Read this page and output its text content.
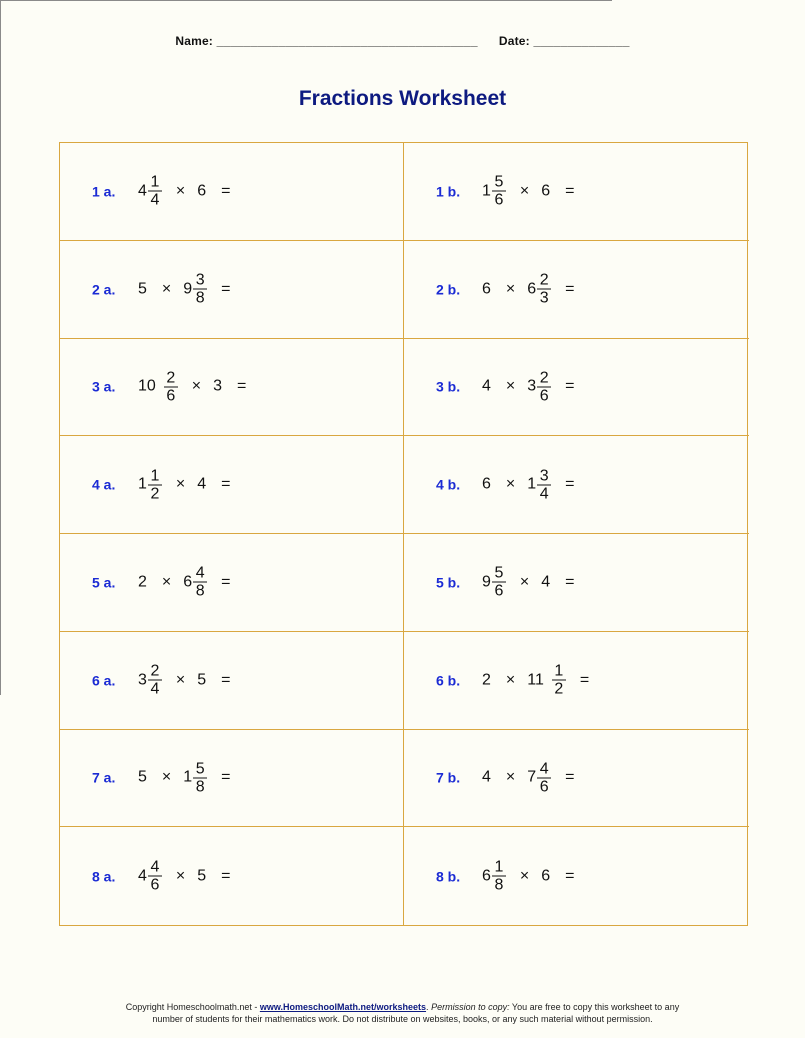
Name: ______________________________________ Date: ______________
Fractions Worksheet
1 a.	$4 \frac{1}{4} \times 6$ =	1 b.	$1 \frac{5}{6} \times 6$ =
2 a.	$5 \times 9 \frac{3}{8}$ =	2 b.	$6 \times 6 \frac{2}{3}$ =
3 a.	$10 \frac{2}{6} \times 3$ =	3 b.	$4 \times 3 \frac{2}{6}$ =
4 a.	$1 \frac{1}{2} \times 4$ =	4 b.	$6 \times 1 \frac{3}{4}$ =
5 a.	$2 \times 6 \frac{4}{8}$ =	5 b.	$9 \frac{5}{6} \times 4$ =
6 a.	$3 \frac{2}{4} \times 5$ =	6 b.	$2 \times 11 \frac{1}{2}$ =
7 a.	$5 \times 1 \frac{5}{8}$ =	7 b.	$4 \times 7 \frac{4}{6}$ =
8 a.	$4 \frac{4}{6} \times 5$ =	8 b.	$6 \frac{1}{8} \times 6$ =
Copyright Homeschoolmath.net - www.HomeschoolMath.net/worksheets. Permission to copy: You are free to copy this worksheet to any
number of students for their mathematics work. Do not distribute on websites, books, or any such material without permission.
